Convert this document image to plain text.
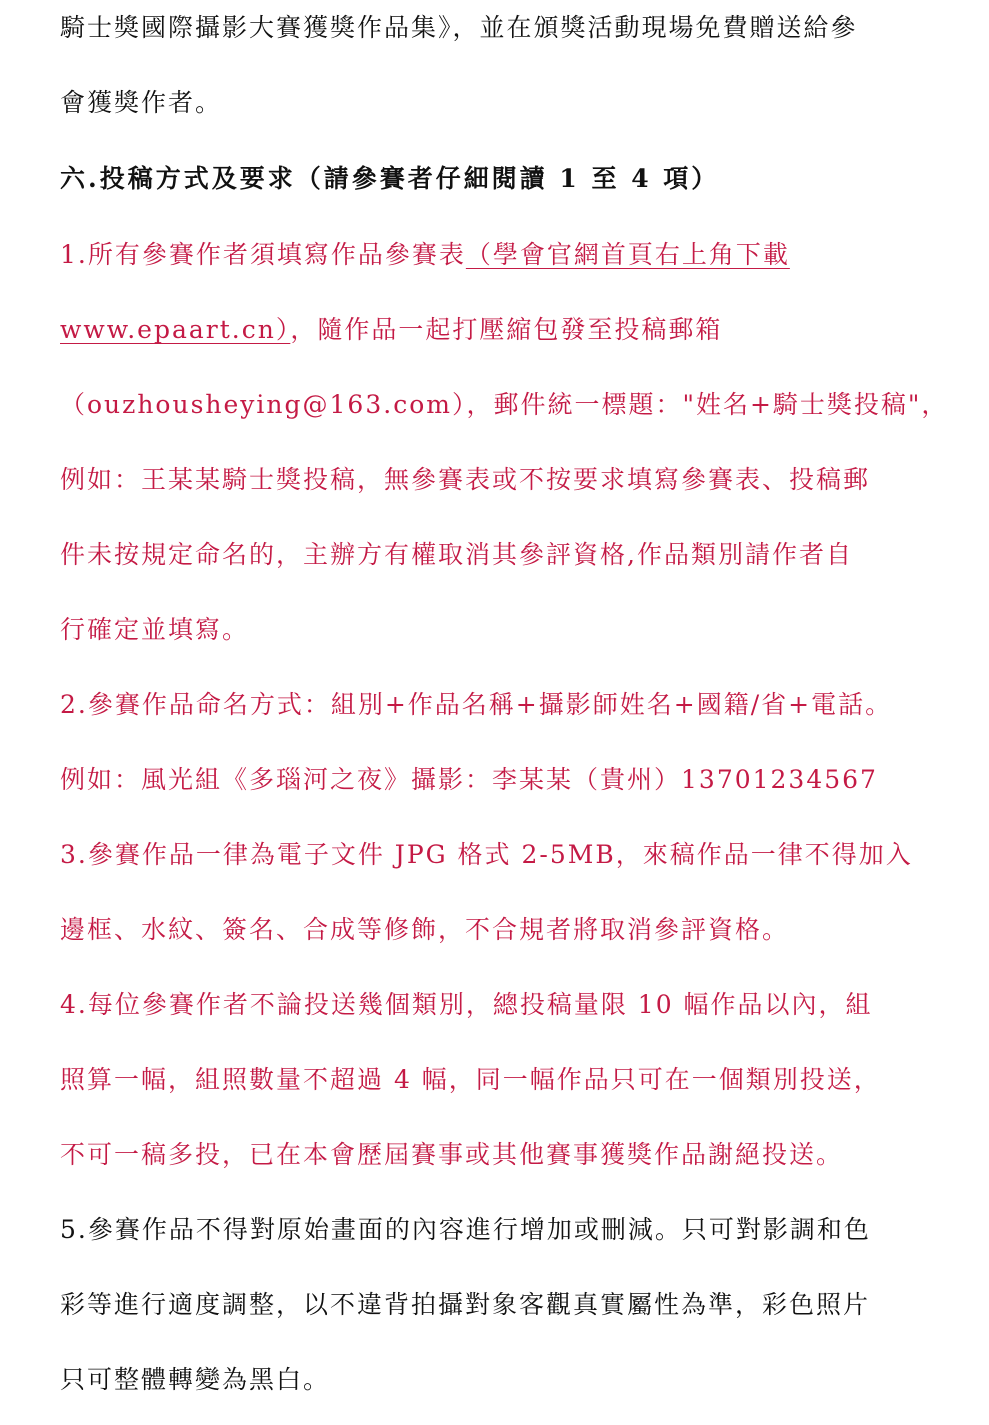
騎士獎國際攝影大賽獲獎作品集》，並在頒獎活動現場免費贈送給參
會獲獎作者。
六.投稿方式及要求（請參賽者仔細閱讀 1 至 4 項）
1.所有參賽作者須填寫作品參賽表（學會官網首頁右上角下載
www.epaart.cn），隨作品一起打壓縮包發至投稿郵箱
（ouzhousheying@163.com），郵件統一標題："姓名+騎士獎投稿"，
例如：王某某騎士獎投稿，無參賽表或不按要求填寫參賽表、投稿郵
件未按規定命名的，主辦方有權取消其參評資格,作品類別請作者自
行確定並填寫。
2.參賽作品命名方式：組別+作品名稱+攝影師姓名+國籍/省+電話。
例如：風光組《多瑙河之夜》攝影：李某某（貴州）13701234567
3.參賽作品一律為電子文件 JPG 格式 2-5MB，來稿作品一律不得加入
邊框、水紋、簽名、合成等修飾，不合規者將取消參評資格。
4.每位參賽作者不論投送幾個類別，總投稿量限 10 幅作品以內，組
照算一幅，組照數量不超過 4 幅，同一幅作品只可在一個類別投送，
不可一稿多投，已在本會歷屆賽事或其他賽事獲獎作品謝絕投送。
5.參賽作品不得對原始畫面的內容進行增加或刪減。只可對影調和色
彩等進行適度調整，以不違背拍攝對象客觀真實屬性為準，彩色照片
只可整體轉變為黑白。
